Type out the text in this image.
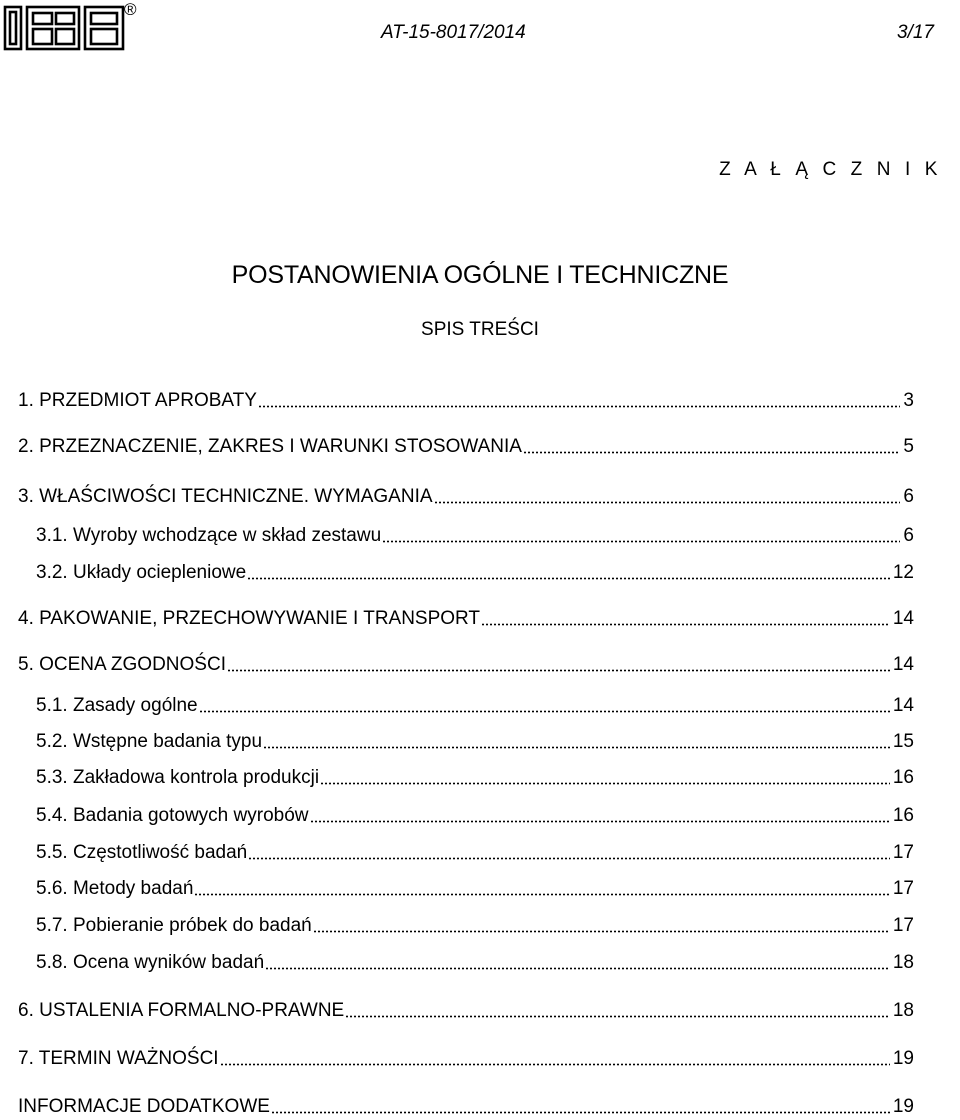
®
AT-15-8017/2014	3/17
Z A Ł Ą C Z N I K
POSTANOWIENIA OGÓLNE I TECHNICZNE
SPIS TREŚCI
1. PRZEDMIOT APROBATY	3
2. PRZEZNACZENIE, ZAKRES I WARUNKI STOSOWANIA	5
3. WŁAŚCIWOŚCI TECHNICZNE. WYMAGANIA	6
3.1. Wyroby wchodzące w skład zestawu	6
3.2. Układy ociepleniowe	12
4. PAKOWANIE, PRZECHOWYWANIE I TRANSPORT	14
5. OCENA ZGODNOŚCI	14
5.1. Zasady ogólne	14
5.2. Wstępne badania typu	15
5.3. Zakładowa kontrola produkcji	16
5.4. Badania gotowych wyrobów	16
5.5. Częstotliwość badań	17
5.6. Metody badań	17
5.7. Pobieranie próbek do badań	17
5.8. Ocena wyników badań	18
6. USTALENIA FORMALNO-PRAWNE	18
7. TERMIN WAŻNOŚCI	19
INFORMACJE DODATKOWE	19
